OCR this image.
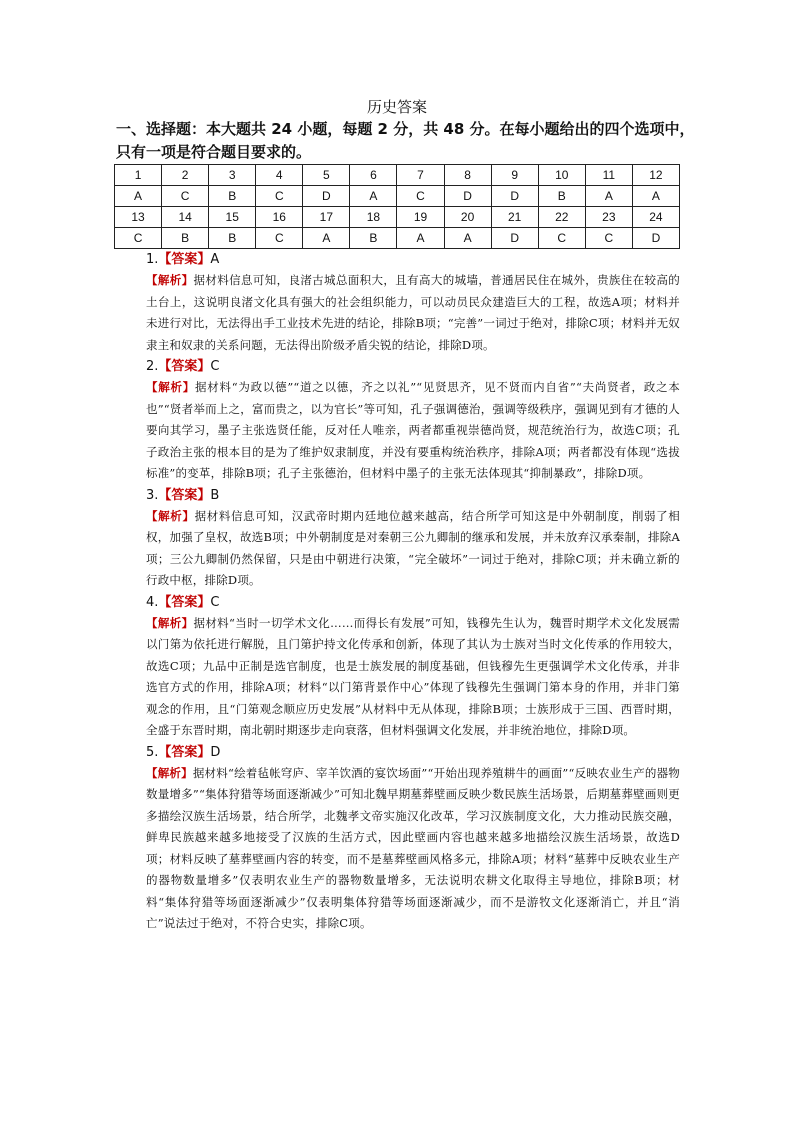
历史答案
一、选择题：本大题共 24 小题，每题 2 分，共 48 分。在每小题给出的四个选项中，只有一项是符合题目要求的。
1	2	3	4	5	6	7	8	9	10	11	12
A	C	B	C	D	A	C	D	D	B	A	A
13	14	15	16	17	18	19	20	21	22	23	24
C	B	B	C	A	B	A	A	D	C	C	D

1.【答案】A

【解析】据材料信息可知，良渚古城总面积大，且有高大的城墙，普通居民住在城外，贵族住在较高的土台上，这说明良渚文化具有强大的社会组织能力，可以动员民众建造巨大的工程，故选A项；材料并未进行对比，无法得出手工业技术先进的结论，排除B项；“完善”一词过于绝对，排除C项；材料并无奴隶主和奴隶的关系问题，无法得出阶级矛盾尖锐的结论，排除D项。

2.【答案】C

【解析】据材料“为政以德”“道之以德，齐之以礼”“见贤思齐，见不贤而内自省”“夫尚贤者，政之本也”“贤者举而上之，富而贵之，以为官长”等可知，孔子强调德治，强调等级秩序，强调见到有才德的人要向其学习，墨子主张选贤任能，反对任人唯亲，两者都重视崇德尚贤，规范统治行为，故选C项；孔子政治主张的根本目的是为了维护奴隶制度，并没有要重构统治秩序，排除A项；两者都没有体现“选拔标准”的变革，排除B项；孔子主张德治，但材料中墨子的主张无法体现其“抑制暴政”，排除D项。

3.【答案】B

【解析】据材料信息可知，汉武帝时期内廷地位越来越高，结合所学可知这是中外朝制度，削弱了相权，加强了皇权，故选B项；中外朝制度是对秦朝三公九卿制的继承和发展，并未放弃汉承秦制，排除A项；三公九卿制仍然保留，只是由中朝进行决策，“完全破坏”一词过于绝对，排除C项；并未确立新的行政中枢，排除D项。

4.【答案】C

【解析】据材料“当时一切学术文化……而得长有发展”可知，钱穆先生认为，魏晋时期学术文化发展需以门第为依托进行解脱，且门第护持文化传承和创新，体现了其认为士族对当时文化传承的作用较大，故选C项；九品中正制是选官制度，也是士族发展的制度基础，但钱穆先生更强调学术文化传承，并非选官方式的作用，排除A项；材料“以门第背景作中心”体现了钱穆先生强调门第本身的作用，并非门第观念的作用，且“门第观念顺应历史发展”从材料中无从体现，排除B项；士族形成于三国、西晋时期，全盛于东晋时期，南北朝时期逐步走向衰落，但材料强调文化发展，并非统治地位，排除D项。

5.【答案】D

【解析】据材料“绘着毡帐穹庐、宰羊饮酒的宴饮场面”“开始出现养殖耕牛的画面”“反映农业生产的器物数量增多”“集体狩猎等场面逐渐减少”可知北魏早期墓葬壁画反映少数民族生活场景，后期墓葬壁画则更多描绘汉族生活场景，结合所学，北魏孝文帝实施汉化改革，学习汉族制度文化，大力推动民族交融，鲜卑民族越来越多地接受了汉族的生活方式，因此壁画内容也越来越多地描绘汉族生活场景，故选D项；材料反映了墓葬壁画内容的转变，而不是墓葬壁画风格多元，排除A项；材料“墓葬中反映农业生产的器物数量增多”仅表明农业生产的器物数量增多，无法说明农耕文化取得主导地位，排除B项；材料“集体狩猎等场面逐渐减少”仅表明集体狩猎等场面逐渐减少，而不是游牧文化逐渐消亡，并且“消亡”说法过于绝对，不符合史实，排除C项。
